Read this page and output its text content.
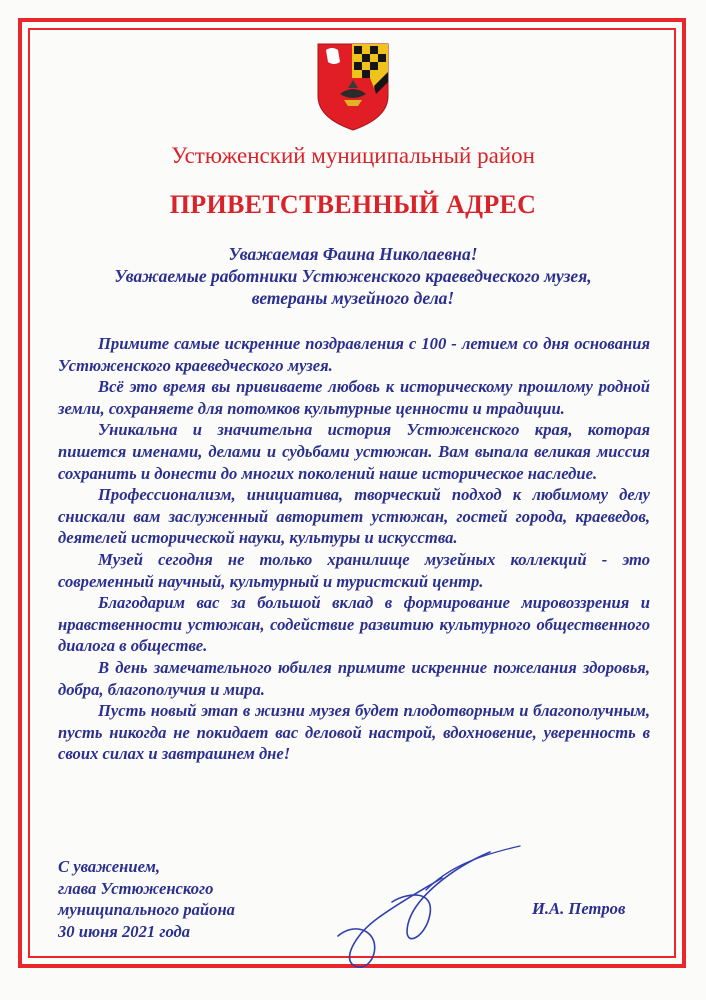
Устюженский муниципальный район
ПРИВЕТСТВЕННЫЙ АДРЕС
Уважаемая Фаина Николаевна!
Уважаемые работники Устюженского краеведческого музея,
ветераны музейного дела!

Примите самые искренние поздравления с 100 - летием со дня основания Устюженского краеведческого музея.

Всё это время вы прививаете любовь к историческому прошлому родной земли, сохраняете для потомков культурные ценности и традиции.

Уникальна и значительна история Устюженского края, которая пишется именами, делами и судьбами устюжан. Вам выпала великая миссия сохранить и донести до многих поколений наше историческое наследие.

Профессионализм, инициатива, творческий подход к любимому делу снискали вам заслуженный авторитет устюжан, гостей города, краеведов, деятелей исторической науки, культуры и искусства.

Музей сегодня не только хранилище музейных коллекций - это современный научный, культурный и туристский центр.

Благодарим вас за большой вклад в формирование мировоззрения и нравственности устюжан, содействие развитию культурного общественного диалога в обществе.

В день замечательного юбилея примите искренние пожелания здоровья, добра, благополучия и мира.

Пусть новый этап в жизни музея будет плодотворным и благополучным, пусть никогда не покидает вас деловой настрой, вдохновение, уверенность в своих силах и завтрашнем дне!

С уважением,
глава Устюженского
муниципального района
30 июня 2021 года
И.А. Петров
